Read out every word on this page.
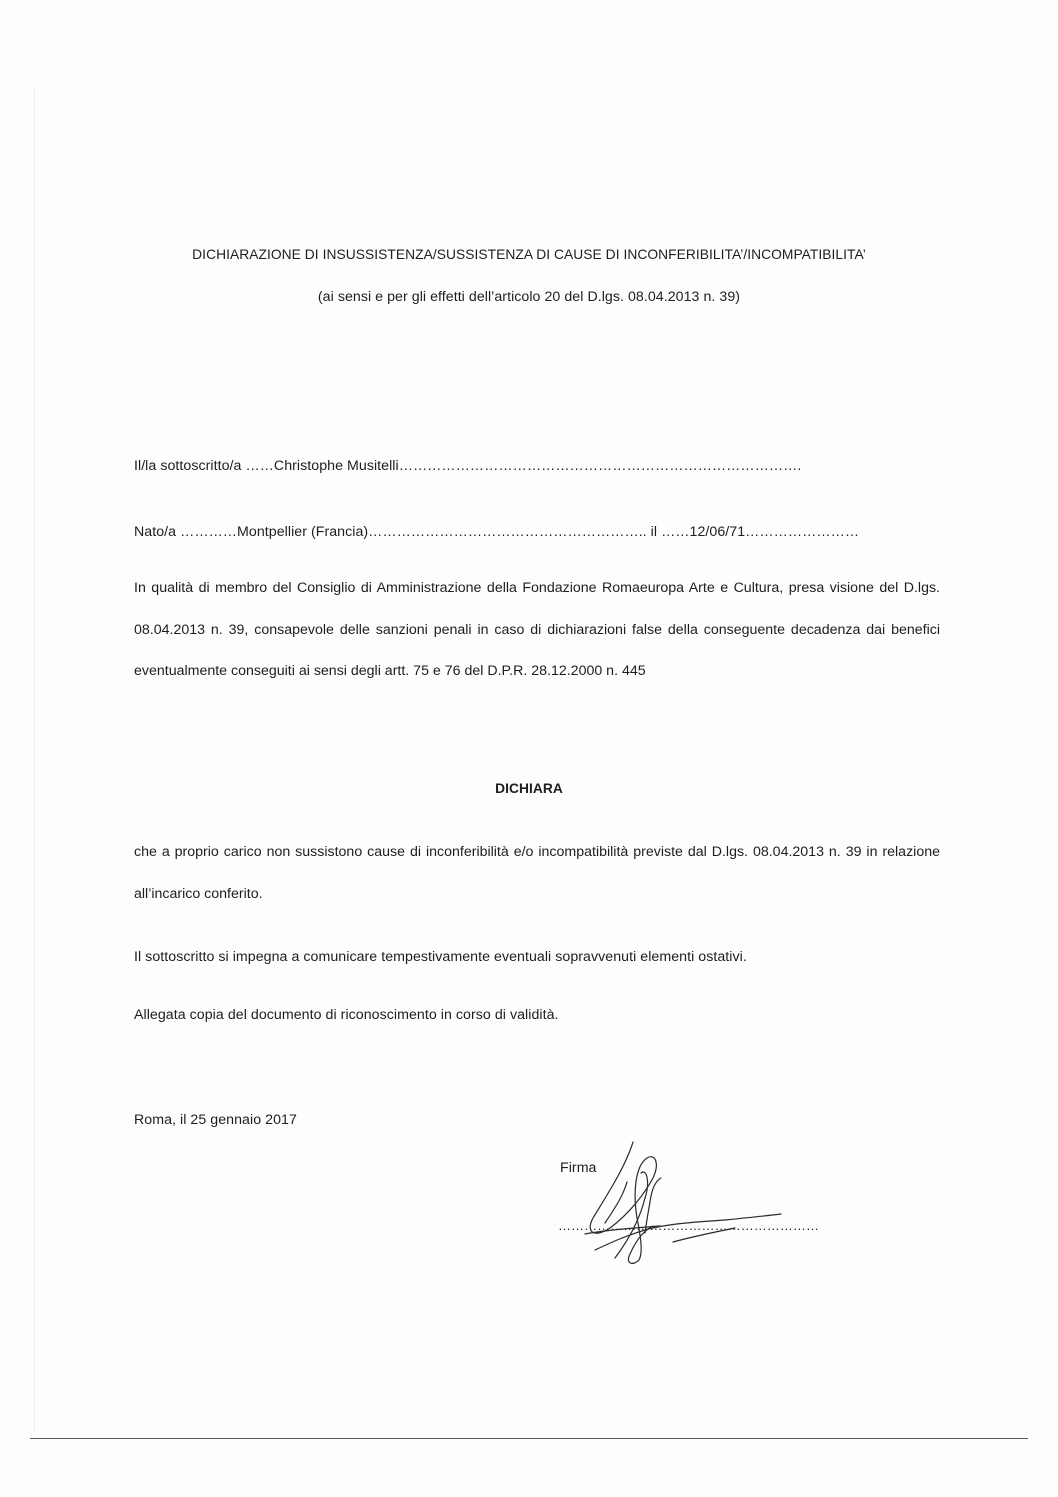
DICHIARAZIONE DI INSUSSISTENZA/SUSSISTENZA DI CAUSE DI INCONFERIBILITA’/INCOMPATIBILITA’
(ai sensi e per gli effetti dell’articolo 20 del D.lgs. 08.04.2013 n. 39)
Il/la sottoscritto/a ……Christophe Musitelli………………………………………………………………………….
Nato/a …………Montpellier (Francia)………………………………………………….. il ……12/06/71……………………

In qualità di membro del Consiglio di Amministrazione della Fondazione Romaeuropa Arte e Cultura, presa visione del D.lgs. 08.04.2013 n. 39, consapevole delle sanzioni penali in caso di dichiarazioni false della conseguente decadenza dai benefici eventualmente conseguiti ai sensi degli artt. 75 e 76 del D.P.R. 28.12.2000 n. 445

DICHIARA

che a proprio carico non sussistono cause di inconferibilità e/o incompatibilità previste dal D.lgs. 08.04.2013 n. 39 in relazione all’incarico conferito.

Il sottoscritto si impegna a comunicare tempestivamente eventuali sopravvenuti elementi ostativi.
Allegata copia del documento di riconoscimento in corso di validità.
Roma, il 25 gennaio 2017
Firma
……………………………………………………
